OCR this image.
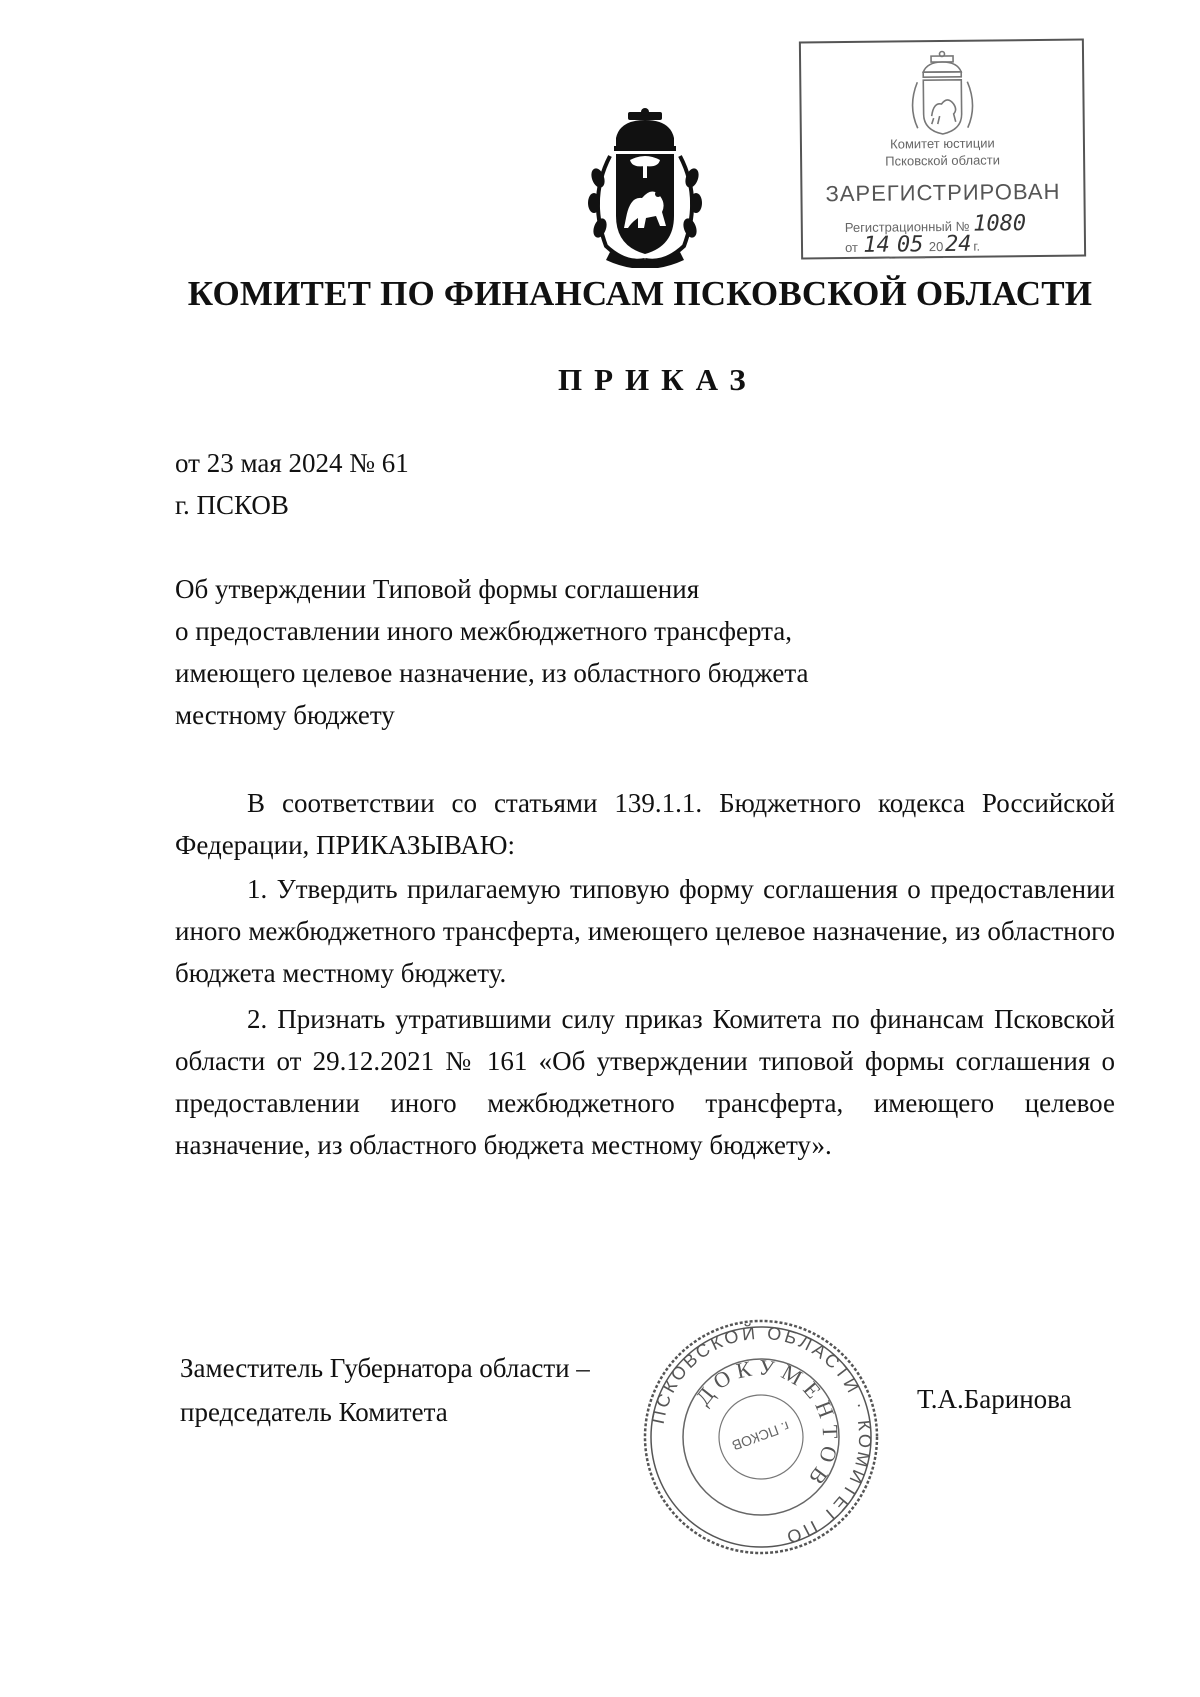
Комитет юстиции
Псковской области
ЗАРЕГИСТРИРОВАН
Регистрационный № 1080
от 14 05 2024 г.
КОМИТЕТ ПО ФИНАНСАМ ПСКОВСКОЙ ОБЛАСТИ
ПРИКАЗ
от 23 мая 2024 № 61
г. ПСКОВ
Об утверждении Типовой формы соглашения
о предоставлении иного межбюджетного трансферта,
имеющего целевое назначение, из областного бюджета
местному бюджету
В соответствии со статьями 139.1.1. Бюджетного кодекса Российской Федерации, ПРИКАЗЫВАЮ:
1. Утвердить прилагаемую типовую форму соглашения о предоставлении иного межбюджетного трансферта, имеющего целевое назначение, из областного бюджета местному бюджету.
2. Признать утратившими силу приказ Комитета по финансам Псковской области от 29.12.2021 № 161 «Об утверждении типовой формы соглашения о предоставлении иного межбюджетного трансферта, имеющего целевое назначение, из областного бюджета местному бюджету».
Заместитель Губернатора области –
председатель Комитета	ПСКОВСКОЙ ОБЛАСТИ · КОМИТЕТ ПО
ДОКУМЕНТОВ
г. ПСКОВ
Т.А.Баринова
